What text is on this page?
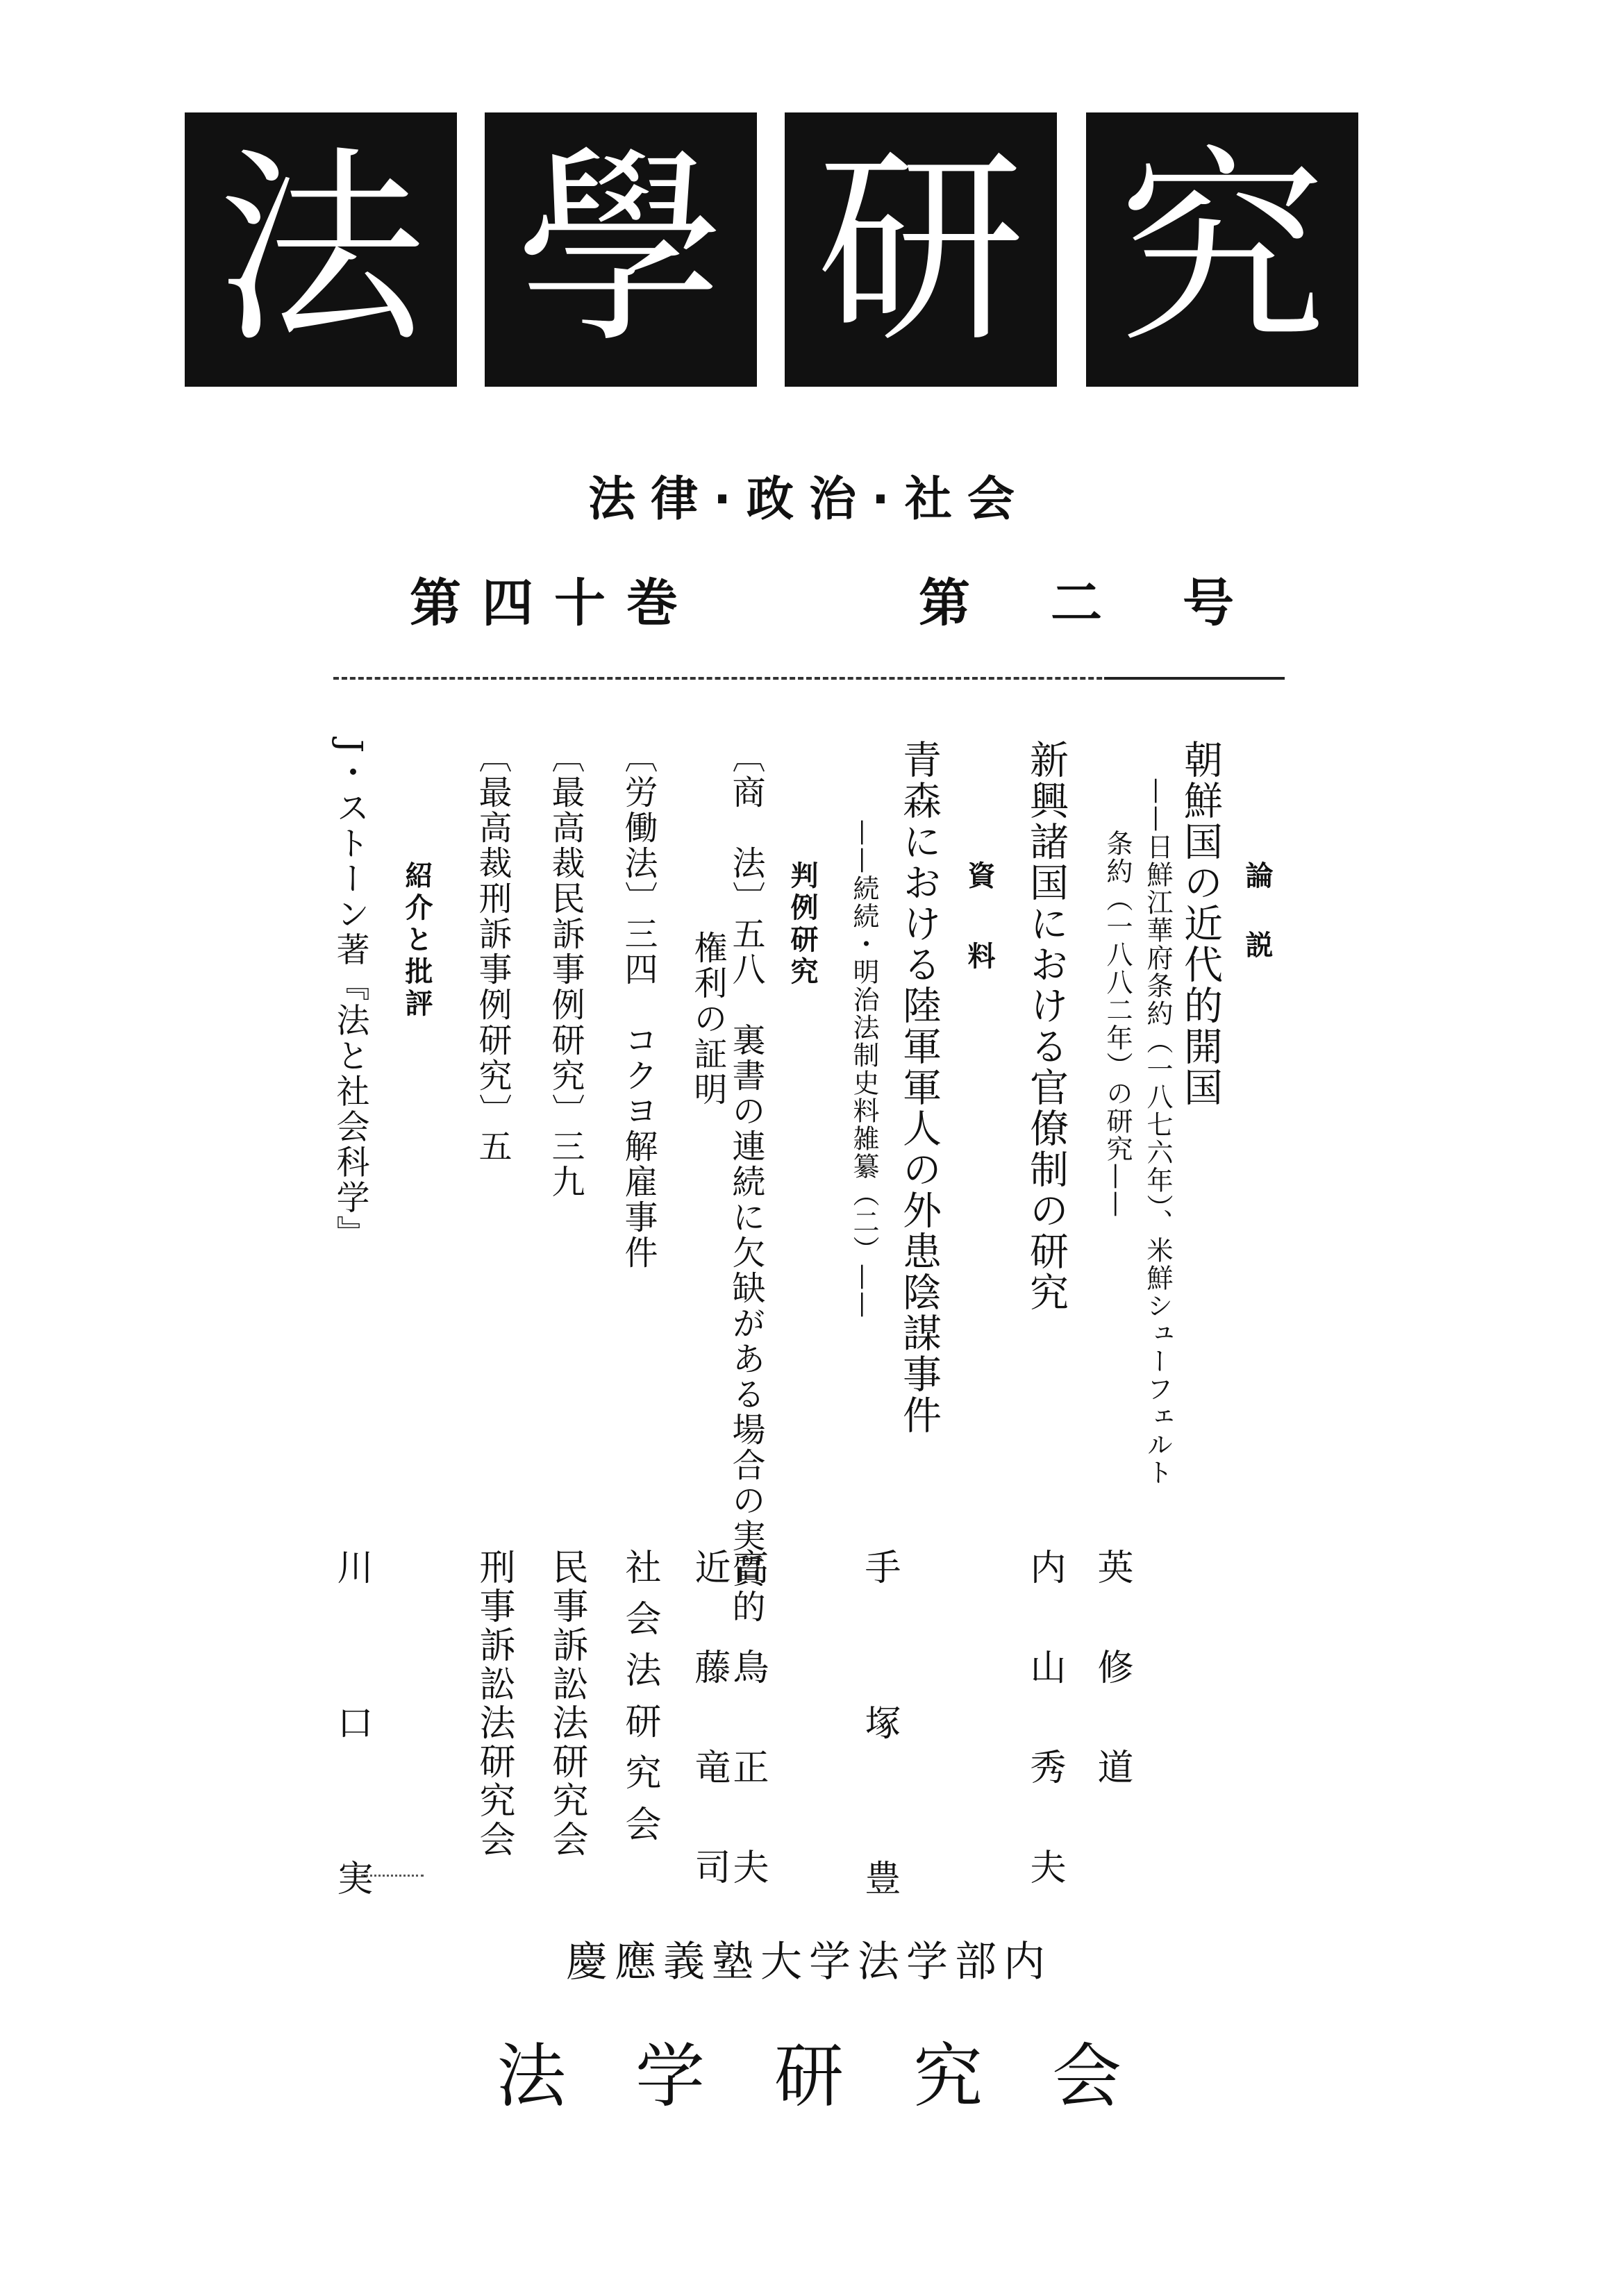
法 學 研 究
法律·政治·社会
第四十巻	第 二 号
論　説
朝鮮国の近代的開国
——日鮮江華府条約（一八七六年）、米鮮シューフェルト
条約（一八八二年）の研究——
英　修　道
新興諸国における官僚制の研究
内　山　秀　夫
資　料
青森における陸軍軍人の外患陰謀事件
——続続・明治法制史料雑纂（二）——
手　塚　豊
判例研究
〔商　法〕五八　裏書の連続に欠缺がある場合の実質的
権利の証明
高　鳥　正　夫
近　藤　竜　司
〔労働法〕三四　コクヨ解雇事件
社会法研究会
〔最高裁民訴事例研究〕三九
民事訴訟法研究会
〔最高裁刑訴事例研究〕五
刑事訴訟法研究会
紹介と批評
J・ストーン著『法と社会科学』
川　口　実
慶應義塾大学法学部内
法学研究会
